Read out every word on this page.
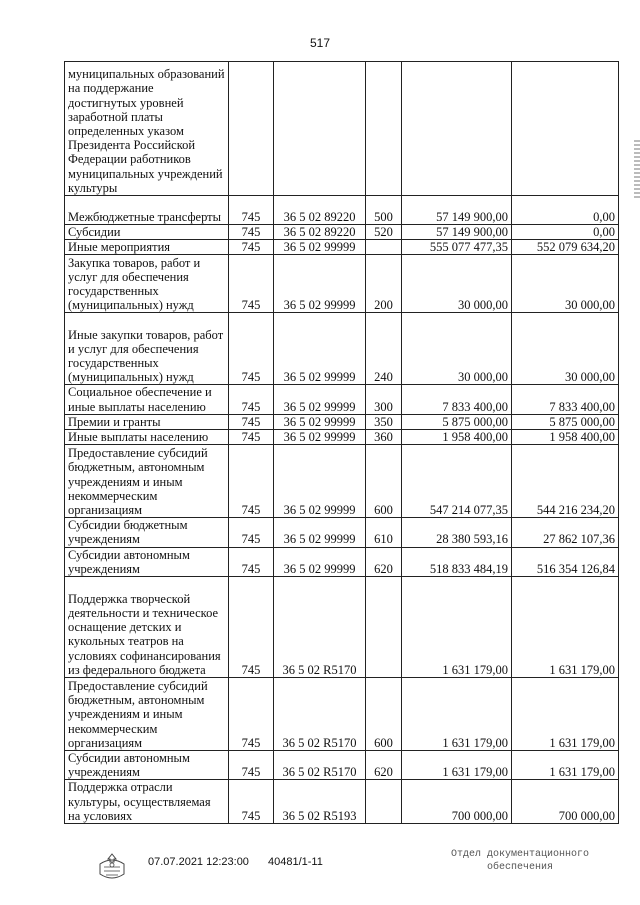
517
муниципальных образований на поддержание достигнутых уровней заработной платы определенных указом Президента Российской Федерации работников муниципальных учреждений культуры					
Межбюджетные трансферты	745	36 5 02 89220	500	57 149 900,00	0,00
Субсидии	745	36 5 02 89220	520	57 149 900,00	0,00
Иные мероприятия	745	36 5 02 99999		555 077 477,35	552 079 634,20
Закупка товаров, работ и услуг для обеспечения государственных (муниципальных) нужд	745	36 5 02 99999	200	30 000,00	30 000,00
Иные закупки товаров, работ и услуг для обеспечения государственных (муниципальных) нужд	745	36 5 02 99999	240	30 000,00	30 000,00
Социальное обеспечение и иные выплаты населению	745	36 5 02 99999	300	7 833 400,00	7 833 400,00
Премии и гранты	745	36 5 02 99999	350	5 875 000,00	5 875 000,00
Иные выплаты населению	745	36 5 02 99999	360	1 958 400,00	1 958 400,00
Предоставление субсидий бюджетным, автономным учреждениям и иным некоммерческим организациям	745	36 5 02 99999	600	547 214 077,35	544 216 234,20
Субсидии бюджетным учреждениям	745	36 5 02 99999	610	28 380 593,16	27 862 107,36
Субсидии автономным учреждениям	745	36 5 02 99999	620	518 833 484,19	516 354 126,84
Поддержка творческой деятельности и техническое оснащение детских и кукольных театров на условиях софинансирования из федерального бюджета	745	36 5 02 R5170		1 631 179,00	1 631 179,00
Предоставление субсидий бюджетным, автономным учреждениям и иным некоммерческим организациям	745	36 5 02 R5170	600	1 631 179,00	1 631 179,00
Субсидии автономным учреждениям	745	36 5 02 R5170	620	1 631 179,00	1 631 179,00
Поддержка отрасли культуры, осуществляемая на условиях	745	36 5 02 R5193		700 000,00	700 000,00
07.07.2021 12:23:00 40481/1-11
Отдел документационного
обеспечения
